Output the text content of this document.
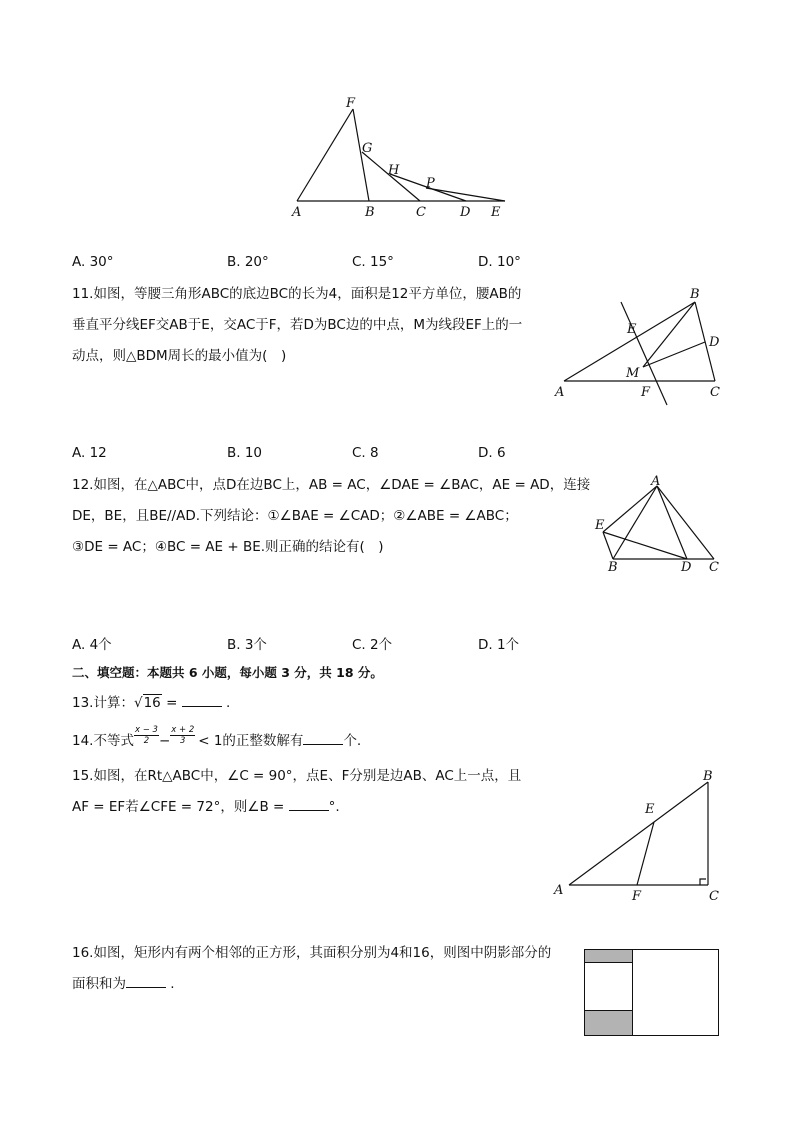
F
G
H
P
A	B	C	D E
A. 30°	B. 20°	C. 15°	D. 10°
11.如图，等腰三角形ABC的底边BC的长为4，面积是12平方单位，腰AB的
垂直平分线EF交AB于E，交AC于F，若D为BC边的中点，M为线段EF上的一
动点，则△BDM周长的最小值为(　)
B
E
D
M
A	F	C
A. 12	B. 10	C. 8	D. 6
12.如图，在△ABC中，点D在边BC上，AB = AC，∠DAE = ∠BAC，AE = AD，连接
DE，BE，且BE//AD.下列结论：①∠BAE = ∠CAD；②∠ABE = ∠ABC；
③DE = AC；④BC = AE + BE.则正确的结论有(　)
A
E
B	D C
A. 4个	B. 3个	C. 2个	D. 1个
二、填空题：本题共 6 小题，每小题 3 分，共 18 分。
13.计算：√16 =	.
14.不等式 $\frac{x - 3}{2} - \frac{x + 2}{3} < 1$的正整数解有	个.
15.如图，在Rt△ABC中，∠C = 90°，点E、F分别是边AB、AC上一点，且
AF = EF若∠CFE = 72°，则∠B =	°.
B
E
A	F	C
16.如图，矩形内有两个相邻的正方形，其面积分别为4和16，则图中阴影部分的
面积和为	.
